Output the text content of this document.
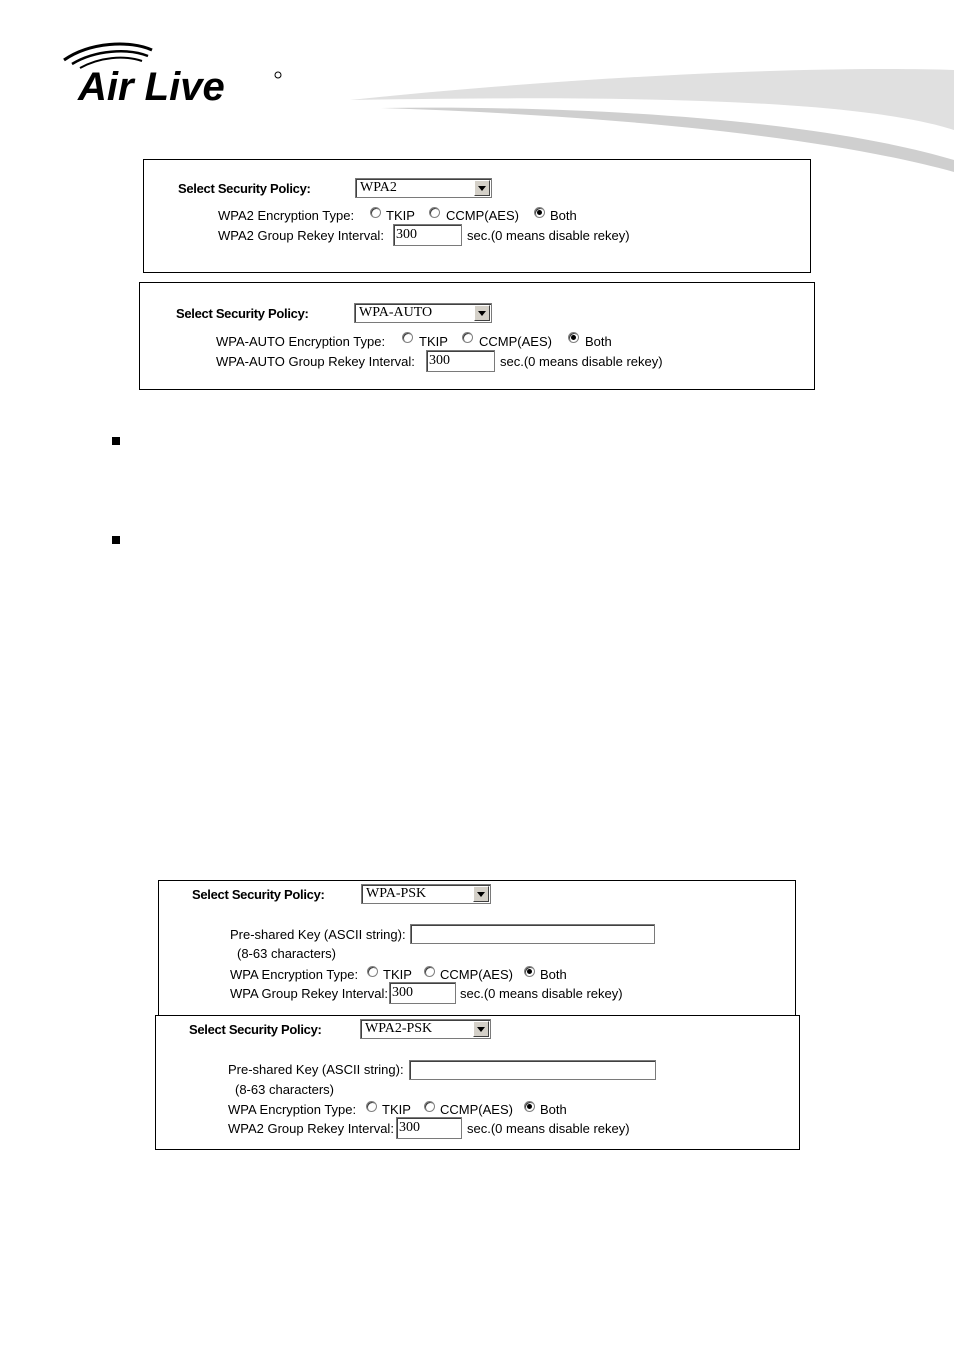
Air Live
Select Security Policy:	WPA2
WPA2 Encryption Type: TKIP CCMP(AES) Both
WPA2 Group Rekey Interval: 300	sec.(0 means disable rekey)
Select Security Policy:	WPA-AUTO
WPA-AUTO Encryption Type:	TKIP CCMP(AES)	Both
WPA-AUTO Group Rekey Interval: 300	sec.(0 means disable rekey)
Select Security Policy:	WPA-PSK
Pre-shared Key (ASCII string):
(8-63 characters)
WPA Encryption Type: TKIP CCMP(AES) Both
WPA Group Rekey Interval: 300	sec.(0 means disable rekey)
Select Security Policy:	WPA2-PSK
Pre-shared Key (ASCII string):
(8-63 characters)
WPA Encryption Type: TKIP CCMP(AES) Both
WPA2 Group Rekey Interval: 300	sec.(0 means disable rekey)
